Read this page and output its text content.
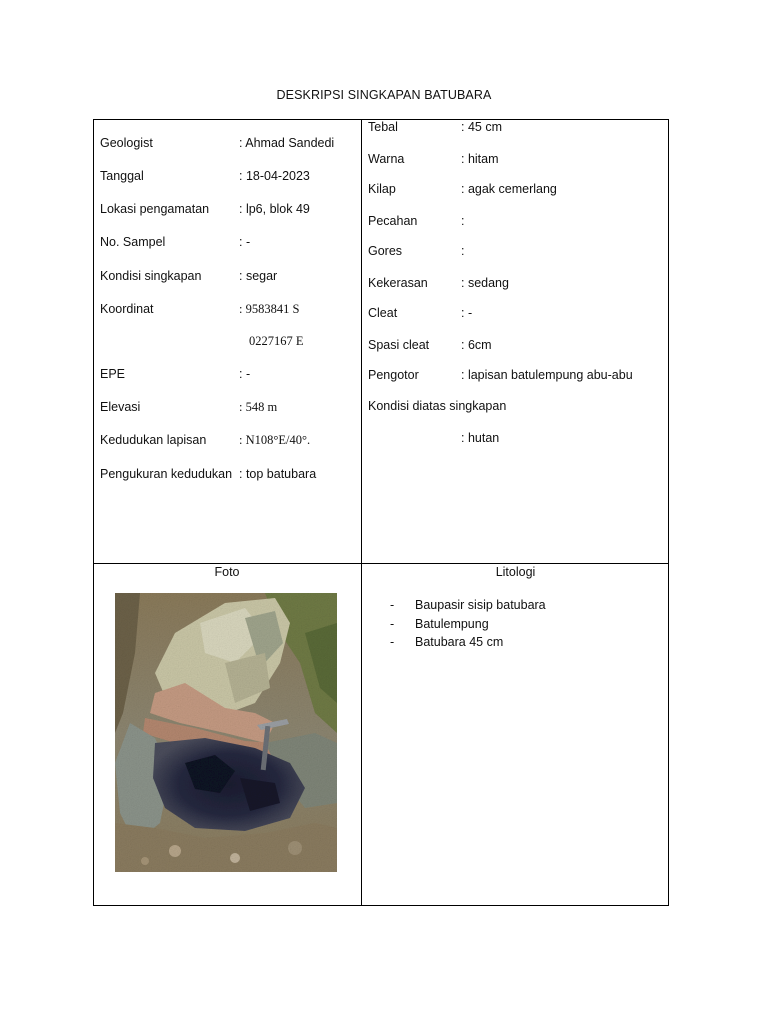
DESKRIPSI SINGKAPAN BATUBARA
Geologist	: Ahmad Sandedi
Tanggal	: 18-04-2023
Lokasi pengamatan : lp6, blok 49
No. Sampel	: -
Kondisi singkapan	: segar
Koordinat	: 9583841 S
0227167 E
EPE	: -
Elevasi	: 548 m
Kedudukan lapisan	: N108°E/40°.
Pengukuran kedudukan : top batubara
Tebal	: 45 cm
Warna	: hitam
Kilap	: agak cemerlang
Pecahan	:
Gores	:
Kekerasan	: sedang
Cleat	: -
Spasi cleat	: 6cm
Pengotor	: lapisan batulempung abu-abu
Kondisi diatas singkapan
: hutan
Foto	Litologi
- Baupasir sisip batubara
- Batulempung
- Batubara 45 cm
